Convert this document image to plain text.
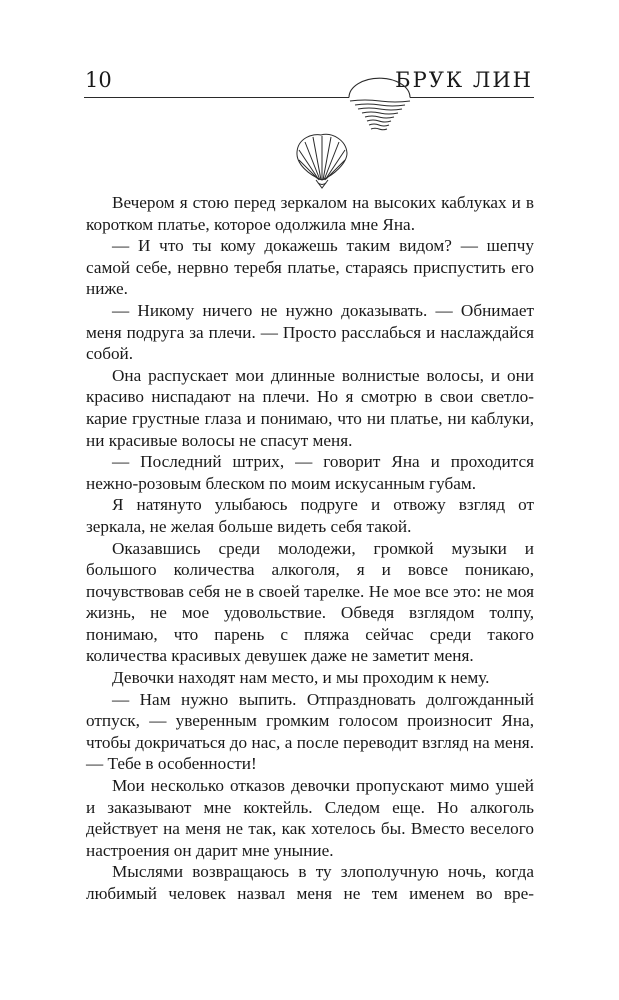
10	БРУК ЛИН

Вечером я стою перед зеркалом на высоких каблуках и в коротком платье, которое одолжила мне Яна.

— И что ты кому докажешь таким видом? — шепчу самой себе, нервно теребя платье, стараясь приспустить его ниже.

— Никому ничего не нужно доказывать. — Обнимает меня подруга за плечи. — Просто расслабься и наслаждайся собой.

Она распускает мои длинные волнистые волосы, и они красиво ниспадают на плечи. Но я смотрю в свои светло-карие грустные глаза и понимаю, что ни платье, ни каблуки, ни красивые волосы не спасут меня.

— Последний штрих, — говорит Яна и проходится нежно-розовым блеском по моим искусанным губам.

Я натянуто улыбаюсь подруге и отвожу взгляд от зеркала, не желая больше видеть себя такой.

Оказавшись среди молодежи, громкой музыки и большого количества алкоголя, я и вовсе поникаю, почувствовав себя не в своей тарелке. Не мое все это: не моя жизнь, не мое удовольствие. Обведя взглядом толпу, понимаю, что парень с пляжа сейчас среди такого количества красивых девушек даже не заметит меня.

Девочки находят нам место, и мы проходим к нему.

— Нам нужно выпить. Отпраздновать долгожданный отпуск, — уверенным громким голосом произносит Яна, чтобы докричаться до нас, а после переводит взгляд на меня. — Тебе в особенности!

Мои несколько отказов девочки пропускают мимо ушей и заказывают мне коктейль. Следом еще. Но алкоголь действует на меня не так, как хотелось бы. Вместо веселого настроения он дарит мне уныние.

Мыслями возвращаюсь в ту злополучную ночь, когда любимый человек назвал меня не тем именем во вре-
